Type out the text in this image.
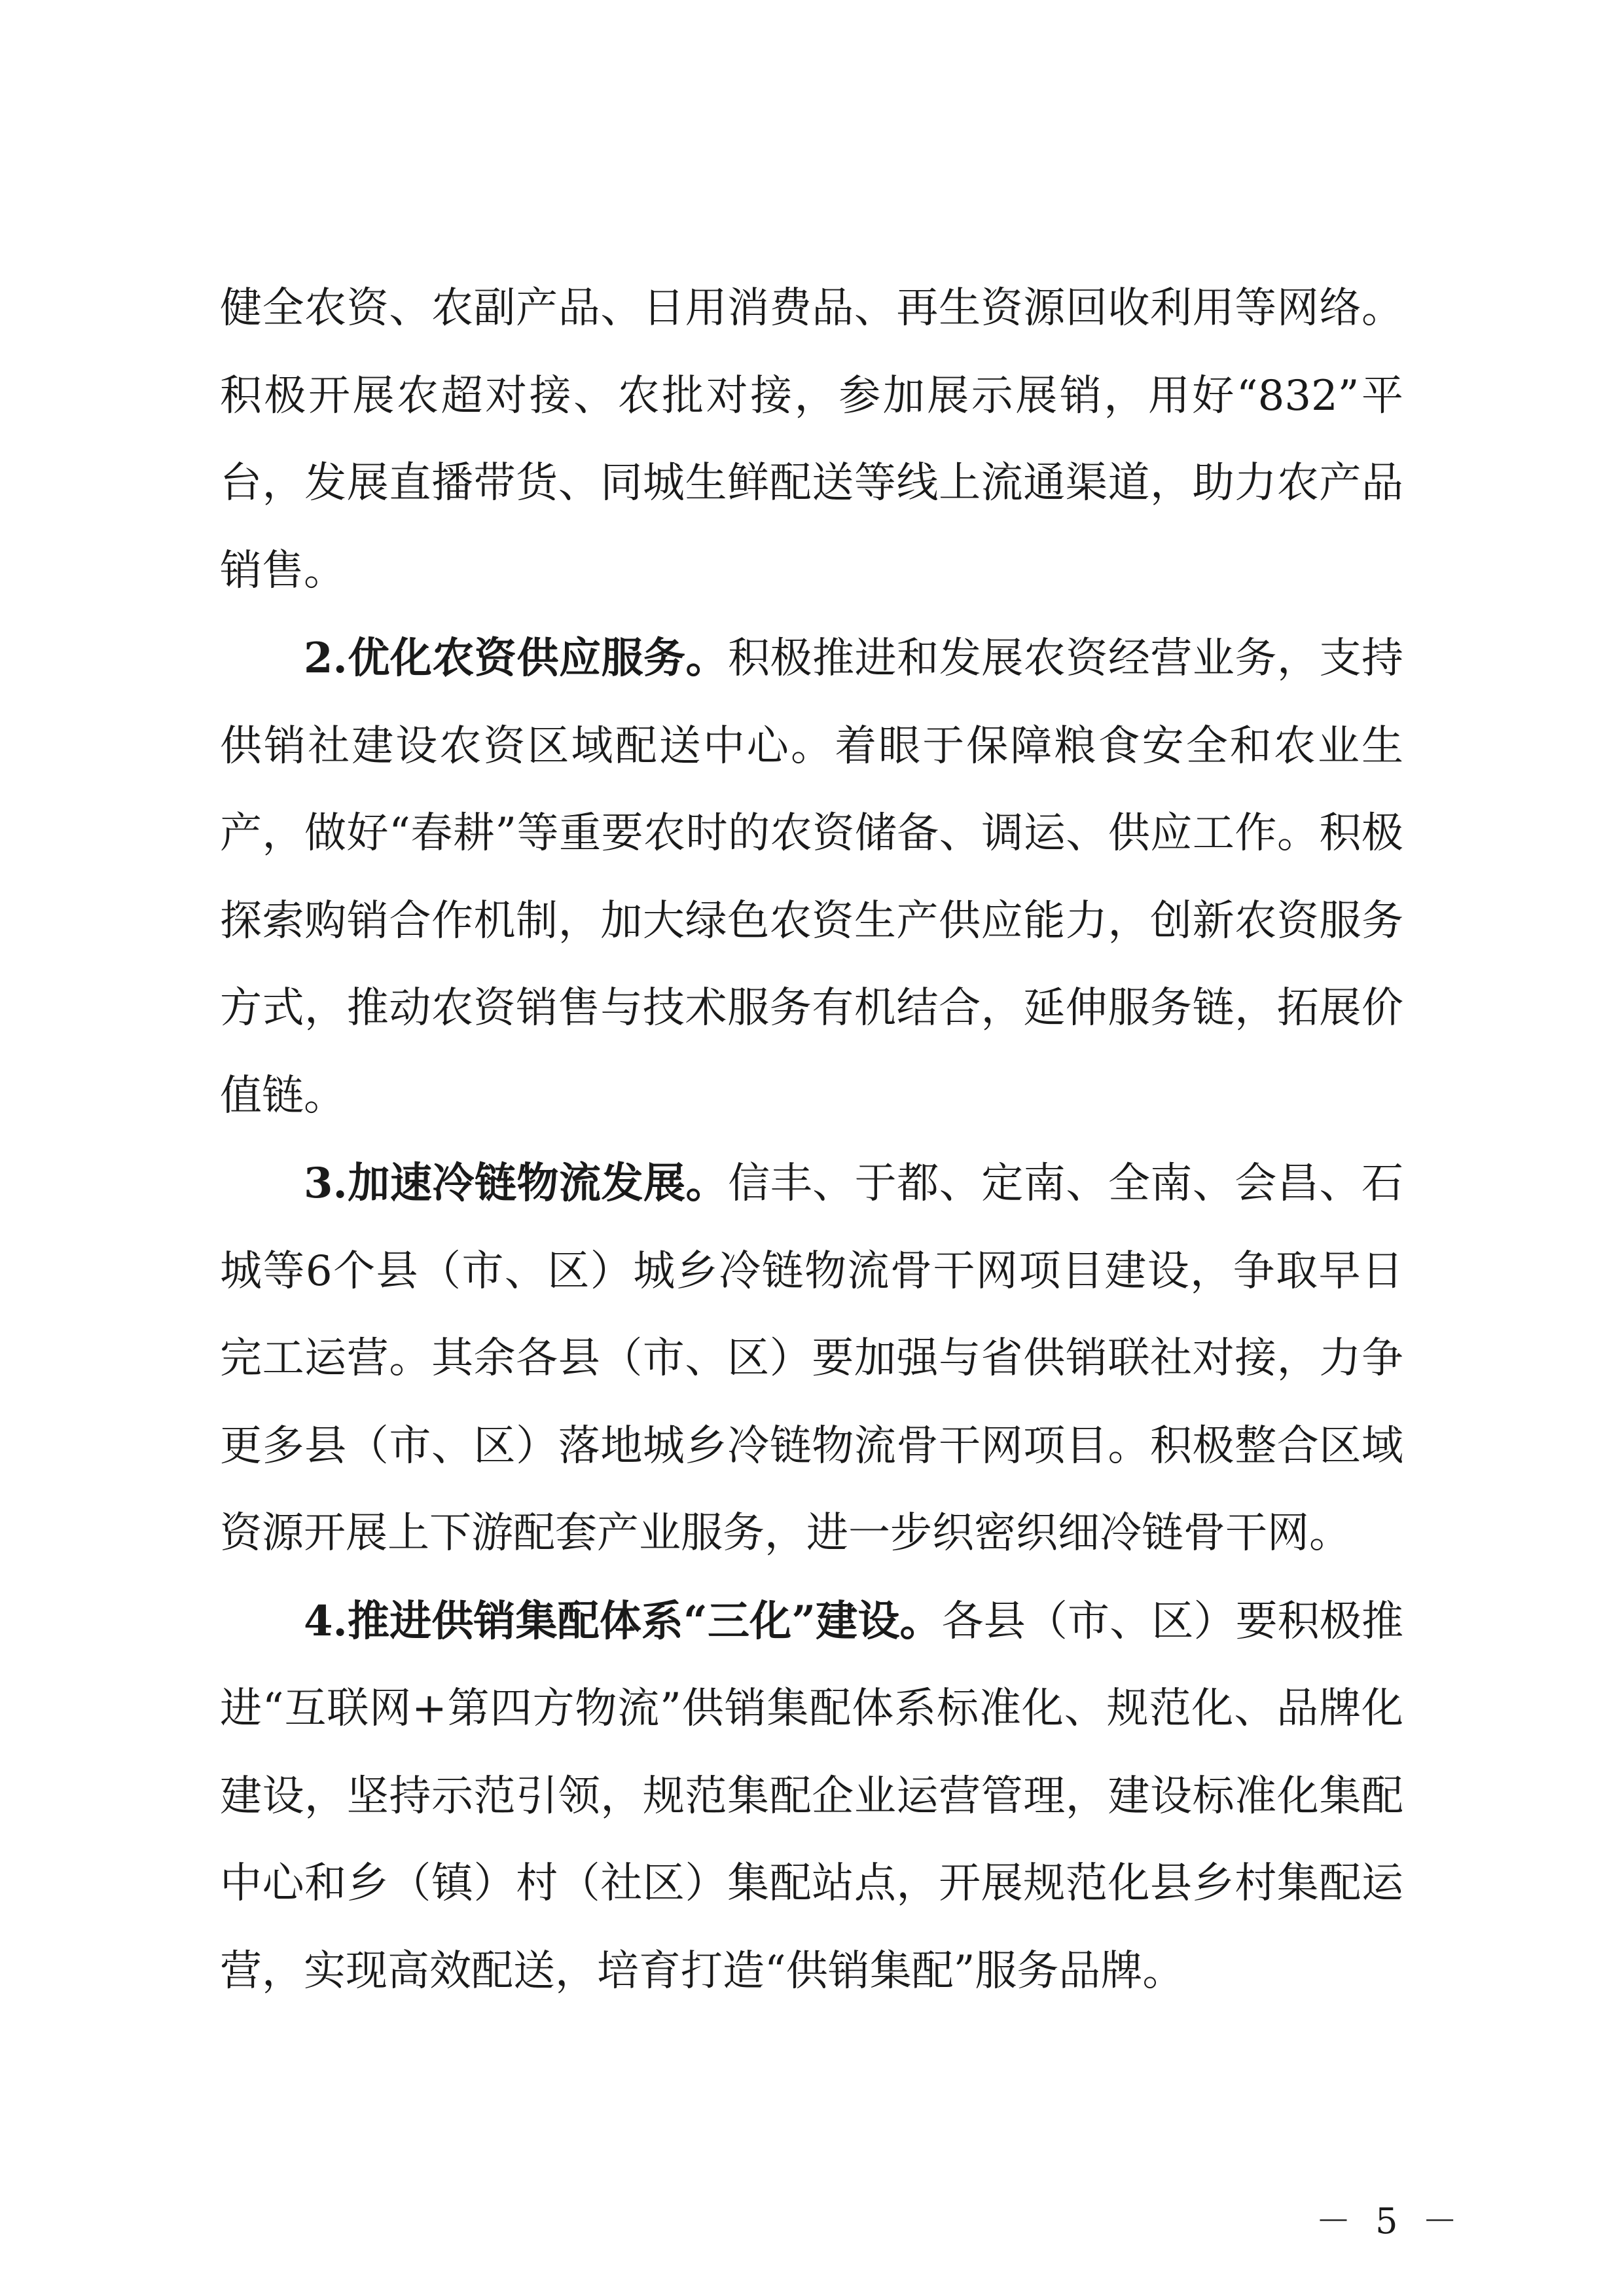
健全农资、农副产品、日用消费品、再生资源回收利用等网络。积极开展农超对接、农批对接，参加展示展销，用好“832”平台，发展直播带货、同城生鲜配送等线上流通渠道，助力农产品销售。

2.优化农资供应服务。积极推进和发展农资经营业务，支持供销社建设农资区域配送中心。着眼于保障粮食安全和农业生产，做好“春耕”等重要农时的农资储备、调运、供应工作。积极探索购销合作机制，加大绿色农资生产供应能力，创新农资服务方式，推动农资销售与技术服务有机结合，延伸服务链，拓展价值链。

3.加速冷链物流发展。信丰、于都、定南、全南、会昌、石城等6个县（市、区）城乡冷链物流骨干网项目建设，争取早日完工运营。其余各县（市、区）要加强与省供销联社对接，力争更多县（市、区）落地城乡冷链物流骨干网项目。积极整合区域资源开展上下游配套产业服务，进一步织密织细冷链骨干网。

4.推进供销集配体系“三化”建设。各县（市、区）要积极推进“互联网+第四方物流”供销集配体系标准化、规范化、品牌化建设，坚持示范引领，规范集配企业运营管理，建设标准化集配中心和乡（镇）村（社区）集配站点，开展规范化县乡村集配运营，实现高效配送，培育打造“供销集配”服务品牌。

－ 5 －
